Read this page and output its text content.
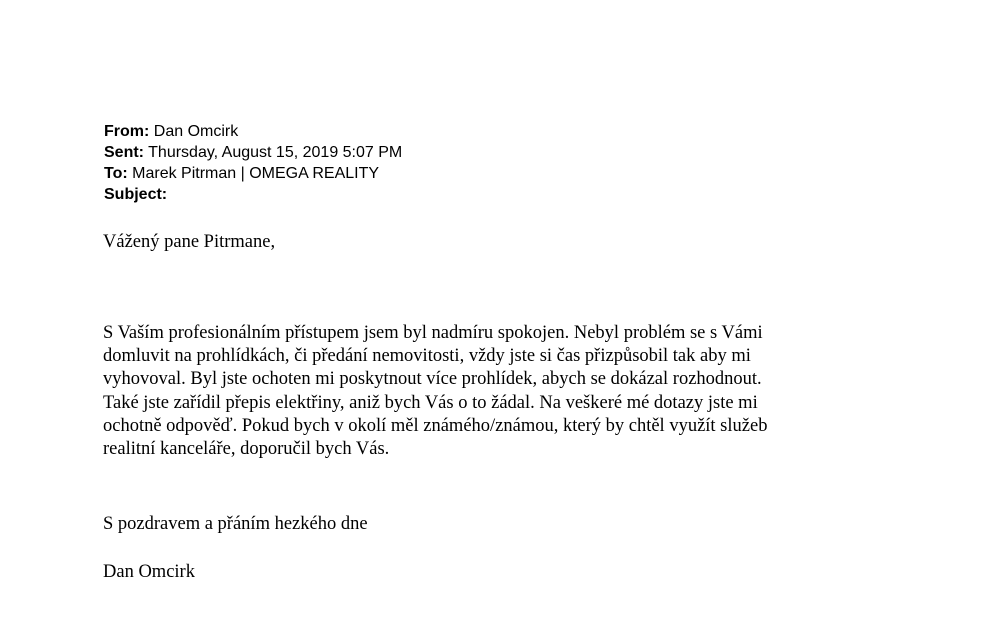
From: Dan Omcirk
Sent: Thursday, August 15, 2019 5:07 PM
To: Marek Pitrman | OMEGA REALITY
Subject:
Vážený pane Pitrmane,
S Vaším profesionálním přístupem jsem byl nadmíru spokojen. Nebyl problém se s Vámi
domluvit na prohlídkách, či předání nemovitosti, vždy jste si čas přizpůsobil tak aby mi
vyhovoval. Byl jste ochoten mi poskytnout více prohlídek, abych se dokázal rozhodnout.
Také jste zařídil přepis elektřiny, aniž bych Vás o to žádal. Na veškeré mé dotazy jste mi
ochotně odpověď. Pokud bych v okolí měl známého/známou, který by chtěl využít služeb
realitní kanceláře, doporučil bych Vás.
S pozdravem a přáním hezkého dne
Dan Omcirk
